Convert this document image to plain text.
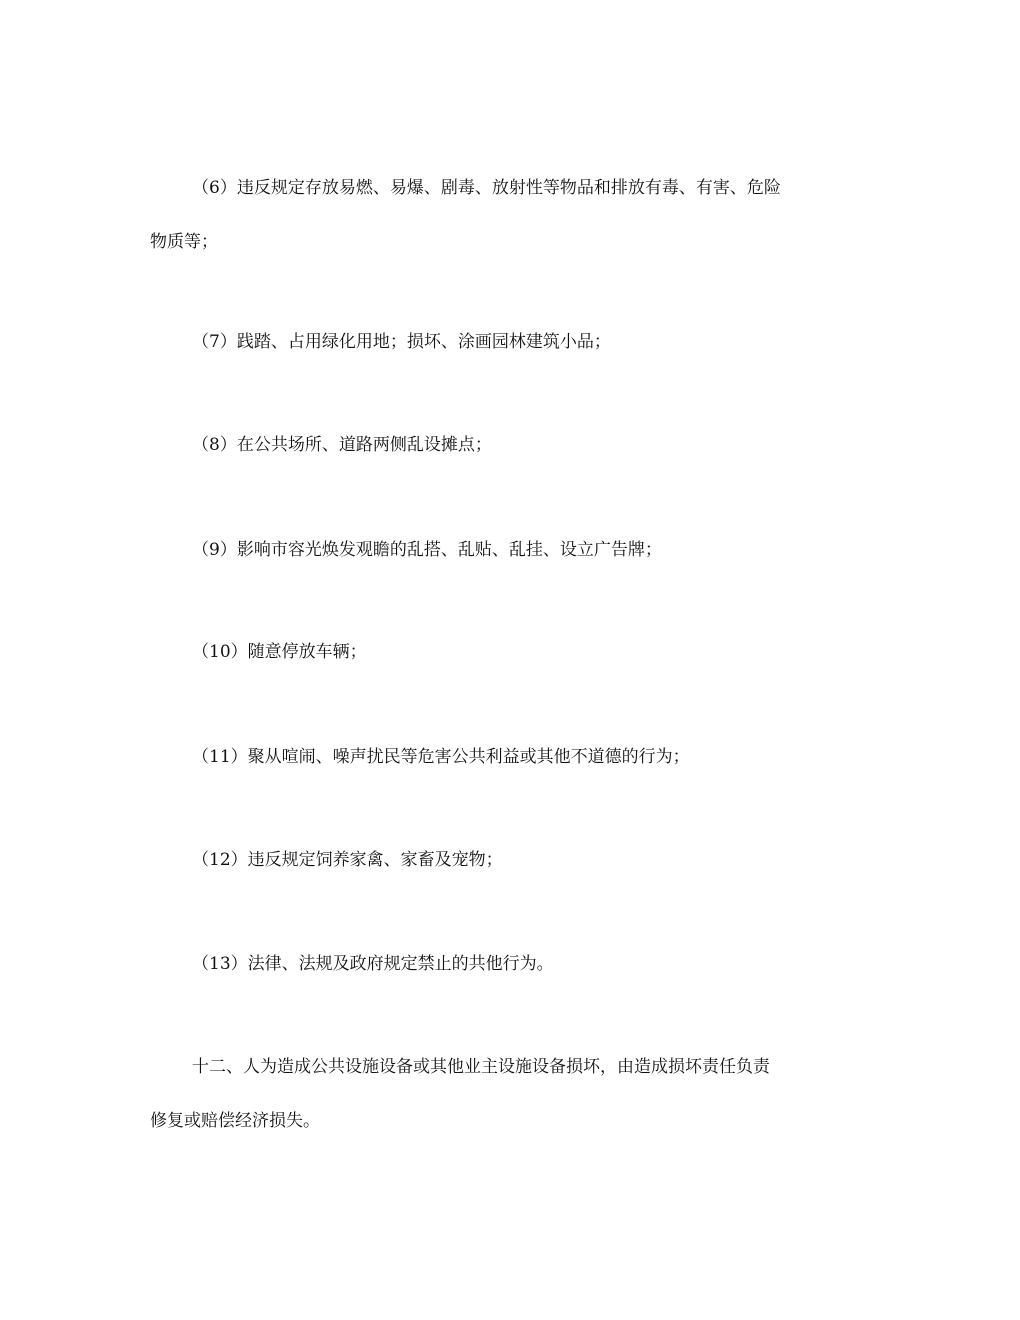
（6）违反规定存放易燃、易爆、剧毒、放射性等物品和排放有毒、有害、危险
物质等；

（7）践踏、占用绿化用地；损坏、涂画园林建筑小品；

（8）在公共场所、道路两侧乱设摊点；

（9）影响市容光焕发观瞻的乱搭、乱贴、乱挂、设立广告牌；

（10）随意停放车辆；

（11）聚从喧闹、噪声扰民等危害公共利益或其他不道德的行为；

（12）违反规定饲养家禽、家畜及宠物；

（13）法律、法规及政府规定禁止的共他行为。

十二、人为造成公共设施设备或其他业主设施设备损坏，由造成损坏责任负责
修复或赔偿经济损失。
